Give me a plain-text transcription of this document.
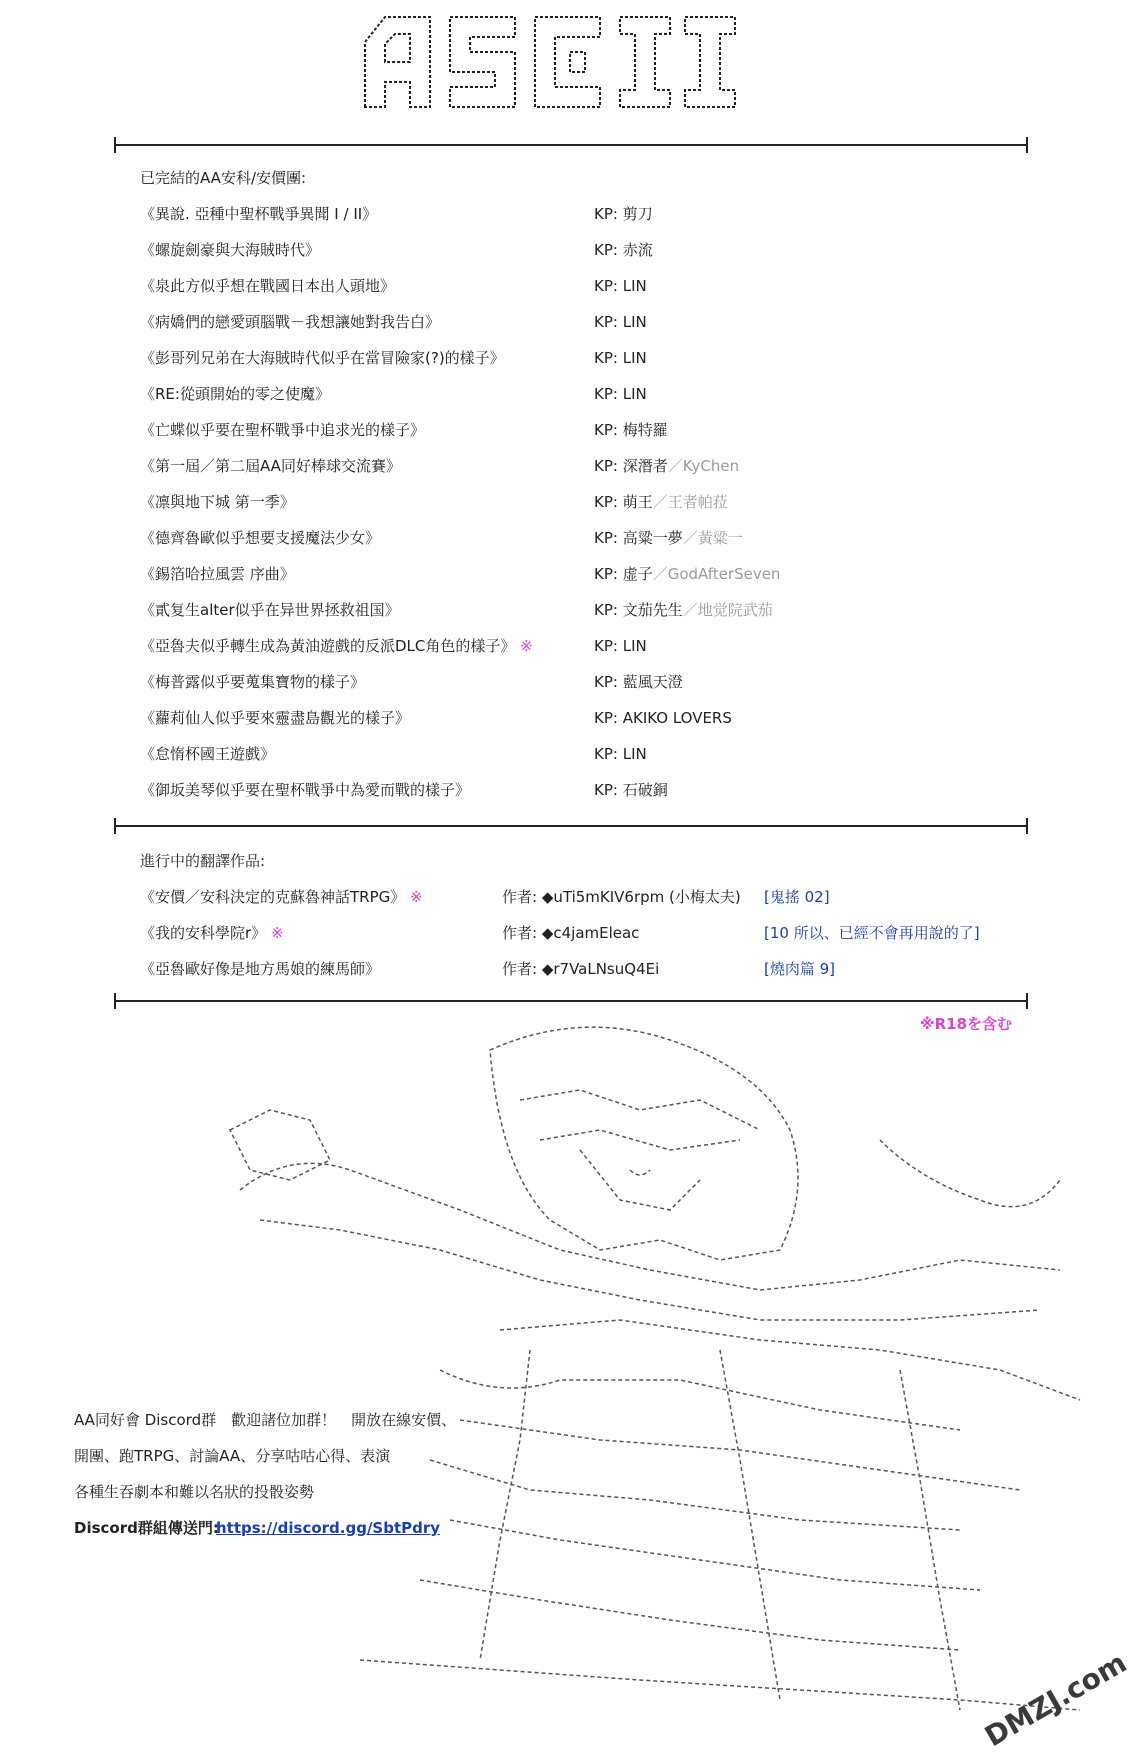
已完結的AA安科/安價團:
《異說. 亞種中聖杯戰爭異聞 I / II》	KP: 剪刀
《螺旋劍豪與大海賊時代》	KP: 赤流
《泉此方似乎想在戰國日本出人頭地》	KP: LIN
《病嬌們的戀愛頭腦戰－我想讓她對我告白》	KP: LIN
《彭哥列兄弟在大海賊時代似乎在當冒險家(?)的樣子》	KP: LIN
《RE:從頭開始的零之使魔》	KP: LIN
《亡蝶似乎要在聖杯戰爭中追求光的樣子》	KP: 梅特羅
《第一屆／第二屆AA同好棒球交流賽》	KP: 深潛者／KyChen
《凛與地下城 第一季》	KP: 萌王／王者帕菈
《德齊魯歐似乎想要支援魔法少女》	KP: 高粱一夢／黃粱一
《錫箔哈拉風雲 序曲》	KP: 虚子／GodAfterSeven
《貳复生alter似乎在异世界拯救祖国》	KP: 文茄先生／地觉院武茄
《亞魯夫似乎轉生成為黃油遊戲的反派DLC角色的樣子》 ※	KP: LIN
《梅普露似乎要蒐集寶物的樣子》	KP: 藍風天澄
《蘿莉仙人似乎要來靈盡島觀光的樣子》	KP: AKIKO LOVERS
《怠惰杯國王遊戲》	KP: LIN
《御坂美琴似乎要在聖杯戰爭中為愛而戰的樣子》	KP: 石破銅
進行中的翻譯作品:
《安價／安科決定的克蘇魯神話TRPG》 ※	作者: ◆uTi5mKIV6rpm (小梅太夫) [鬼搖 02]
《我的安科學院r》 ※	作者: ◆c4jamEleac	[10 所以、已經不會再用說的了]
《亞魯歐好像是地方馬娘的練馬師》	作者: ◆r7VaLNsuQ4Ei	[燒肉篇 9]
※R18を含む
AA同好會 Discord群　歡迎諸位加群！　開放在線安價、
開團、跑TRPG、討論AA、分享咕咕心得、表演
各種生吞劇本和難以名狀的投骰姿勢
Discord群組傳送門:
https://discord.gg/SbtPdry
DMZJ.com
